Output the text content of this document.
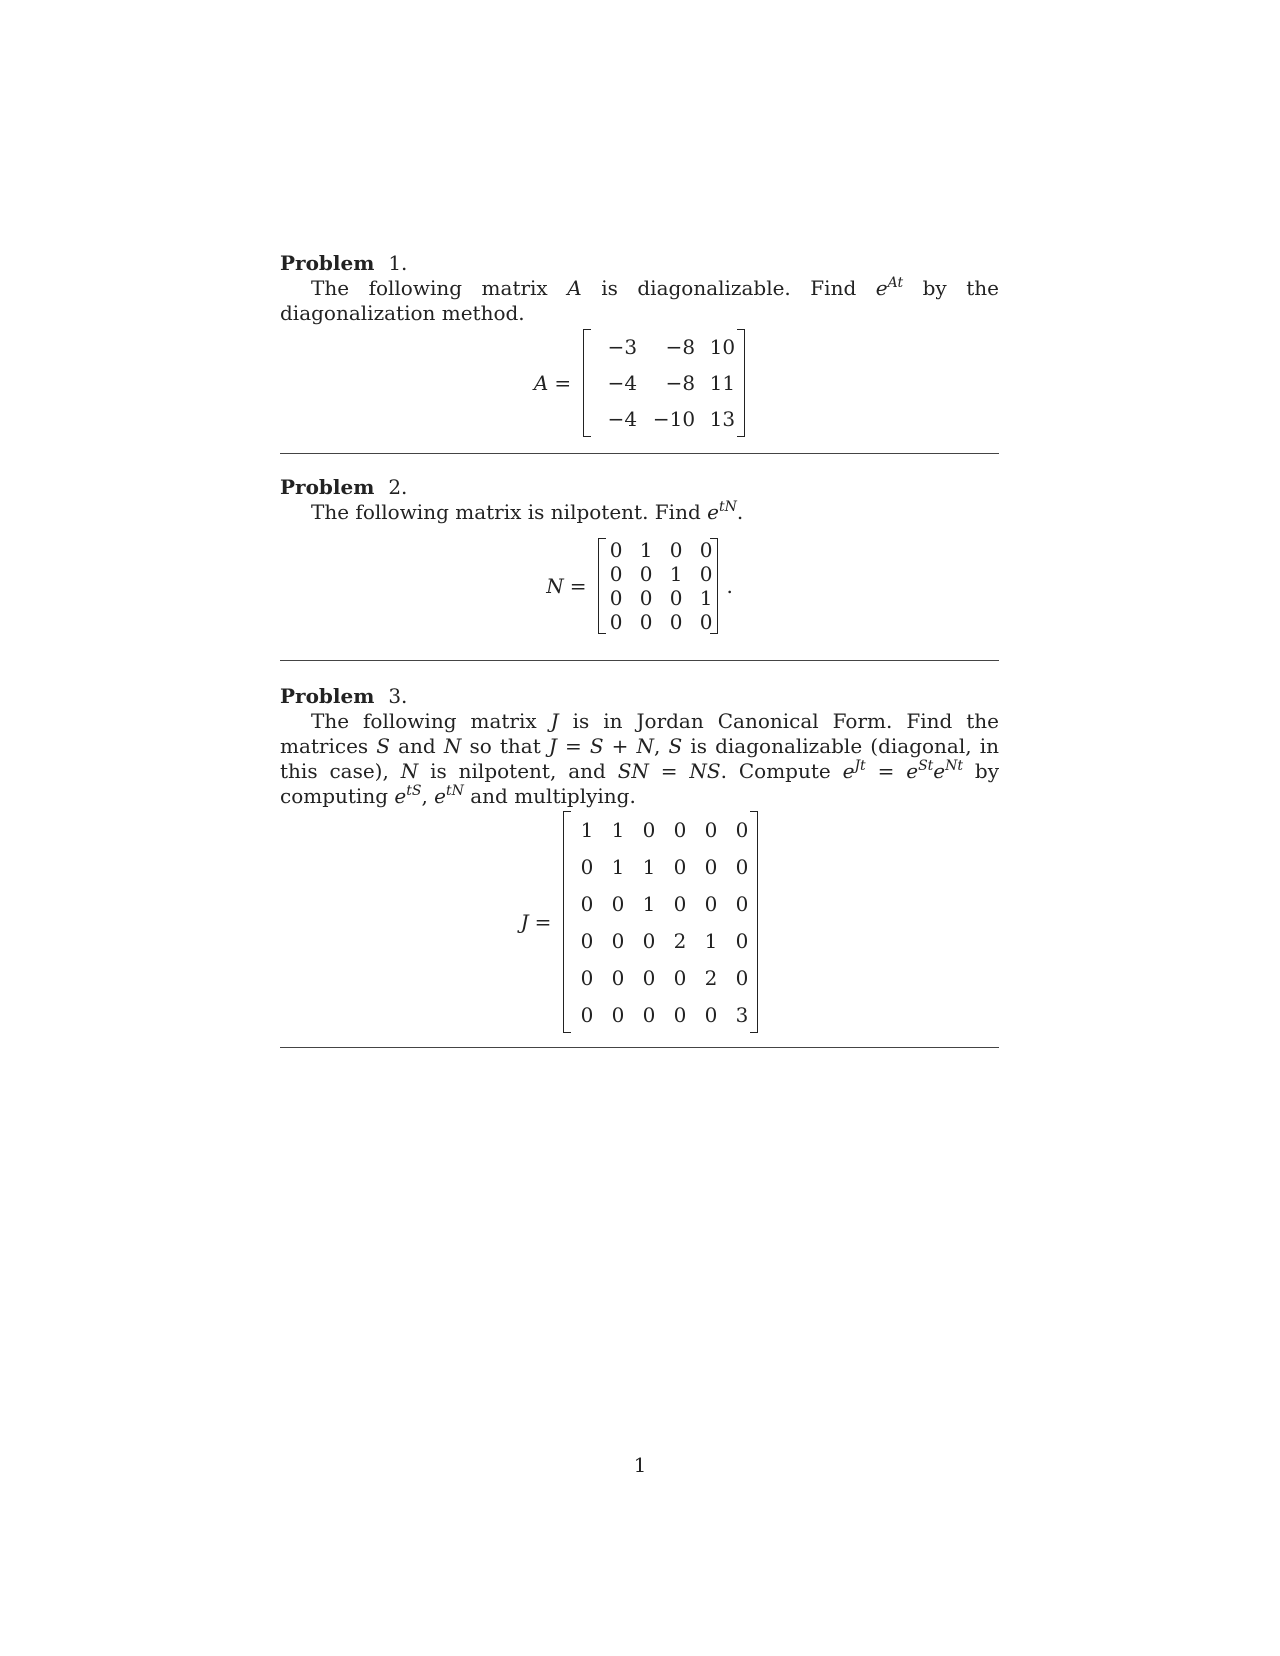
Problem 1.
The following matrix A is diagonalizable. Find $e^{At}$ by the diagonalization method.
A =
−3	−8	10
−4	−8	11
−4	−10	13
Problem 2.
The following matrix is nilpotent. Find $e^{tN}$.
N =
0	1	0	0
0	0	1	0
0	0	0	1
0	0	0	0
.
Problem 3.
The following matrix J is in Jordan Canonical Form. Find the matrices S and N so that J = S + N, S is diagonalizable (diagonal, in this case), N is nilpotent, and SN = NS. Compute $e^{Jt} = e^{St}e^{Nt}$ by computing $e^{tS}$, $e^{tN}$ and multiplying.
J =
1	1	0	0	0	0
0	1	1	0	0	0
0	0	1	0	0	0
0	0	0	2	1	0
0	0	0	0	2	0
0	0	0	0	0	3
1
